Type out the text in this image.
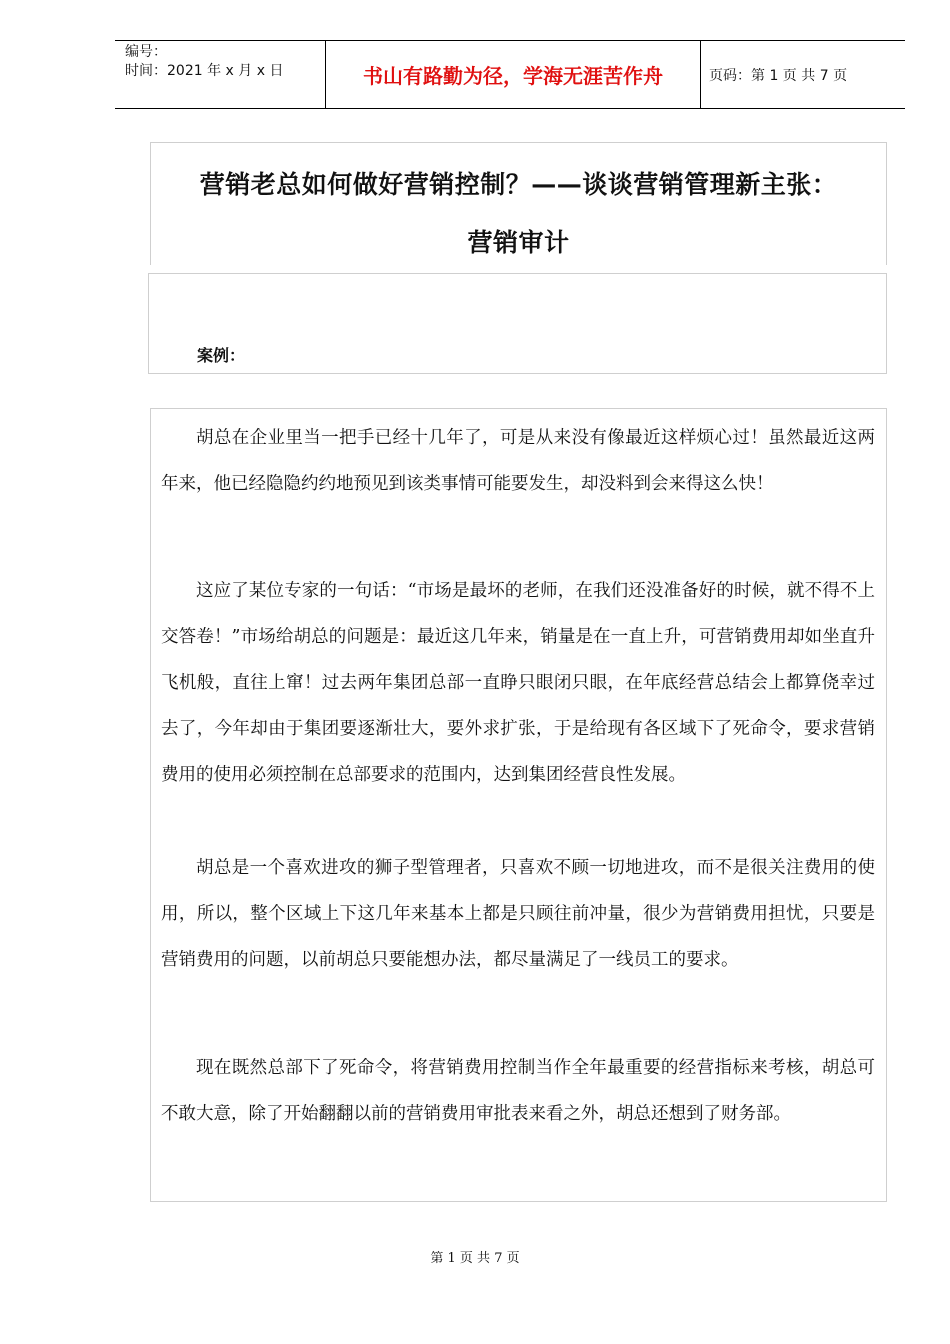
编号：
时间：2021 年 x 月 x 日	书山有路勤为径，学海无涯苦作舟	页码：第 1 页 共 7 页
营销老总如何做好营销控制？——谈谈营销管理新主张：
营销审计
案例：
胡总在企业里当一把手已经十几年了，可是从来没有像最近这样烦心过！虽然最近这两年来，他已经隐隐约约地预见到该类事情可能要发生，却没料到会来得这么快！
这应了某位专家的一句话：“市场是最坏的老师，在我们还没准备好的时候，就不得不上交答卷！”市场给胡总的问题是：最近这几年来，销量是在一直上升，可营销费用却如坐直升飞机般，直往上窜！过去两年集团总部一直睁只眼闭只眼，在年底经营总结会上都算侥幸过去了，今年却由于集团要逐渐壮大，要外求扩张，于是给现有各区域下了死命令，要求营销费用的使用必须控制在总部要求的范围内，达到集团经营良性发展。
胡总是一个喜欢进攻的狮子型管理者，只喜欢不顾一切地进攻，而不是很关注费用的使用，所以，整个区域上下这几年来基本上都是只顾往前冲量，很少为营销费用担忧，只要是营销费用的问题，以前胡总只要能想办法，都尽量满足了一线员工的要求。
现在既然总部下了死命令，将营销费用控制当作全年最重要的经营指标来考核，胡总可不敢大意，除了开始翻翻以前的营销费用审批表来看之外，胡总还想到了财务部。
第 1 页 共 7 页
